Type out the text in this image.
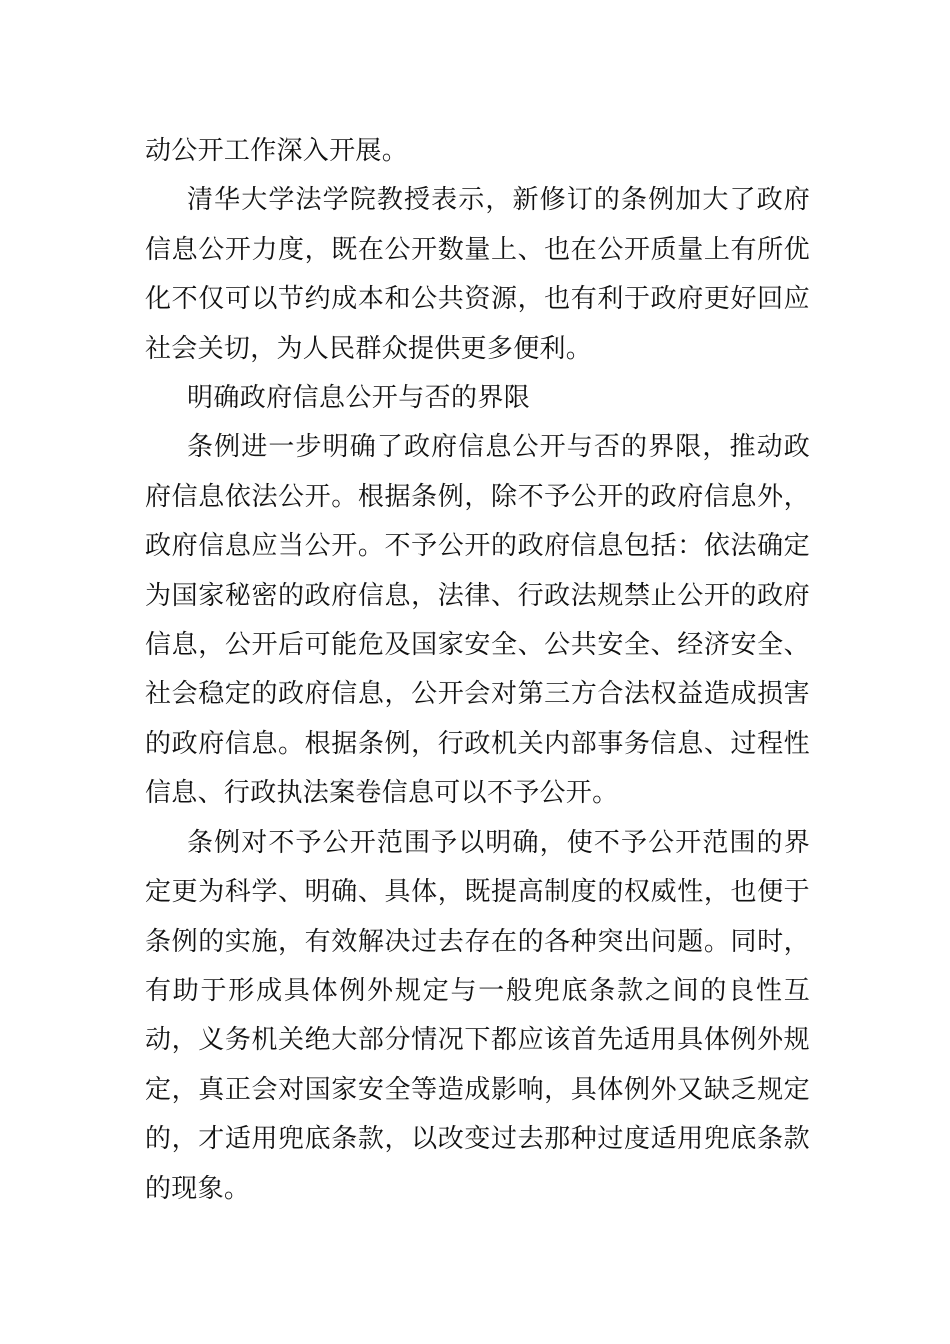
动公开工作深入开展。

清华大学法学院教授表示，新修订的条例加大了政府信息公开力度，既在公开数量上、也在公开质量上有所优化不仅可以节约成本和公共资源，也有利于政府更好回应社会关切，为人民群众提供更多便利。

明确政府信息公开与否的界限

条例进一步明确了政府信息公开与否的界限，推动政府信息依法公开。根据条例，除不予公开的政府信息外，政府信息应当公开。不予公开的政府信息包括：依法确定为国家秘密的政府信息，法律、行政法规禁止公开的政府信息，公开后可能危及国家安全、公共安全、经济安全、社会稳定的政府信息，公开会对第三方合法权益造成损害的政府信息。根据条例，行政机关内部事务信息、过程性信息、行政执法案卷信息可以不予公开。

条例对不予公开范围予以明确，使不予公开范围的界定更为科学、明确、具体，既提高制度的权威性，也便于条例的实施，有效解决过去存在的各种突出问题。同时，有助于形成具体例外规定与一般兜底条款之间的良性互动，义务机关绝大部分情况下都应该首先适用具体例外规定，真正会对国家安全等造成影响，具体例外又缺乏规定的，才适用兜底条款，以改变过去那种过度适用兜底条款的现象。
